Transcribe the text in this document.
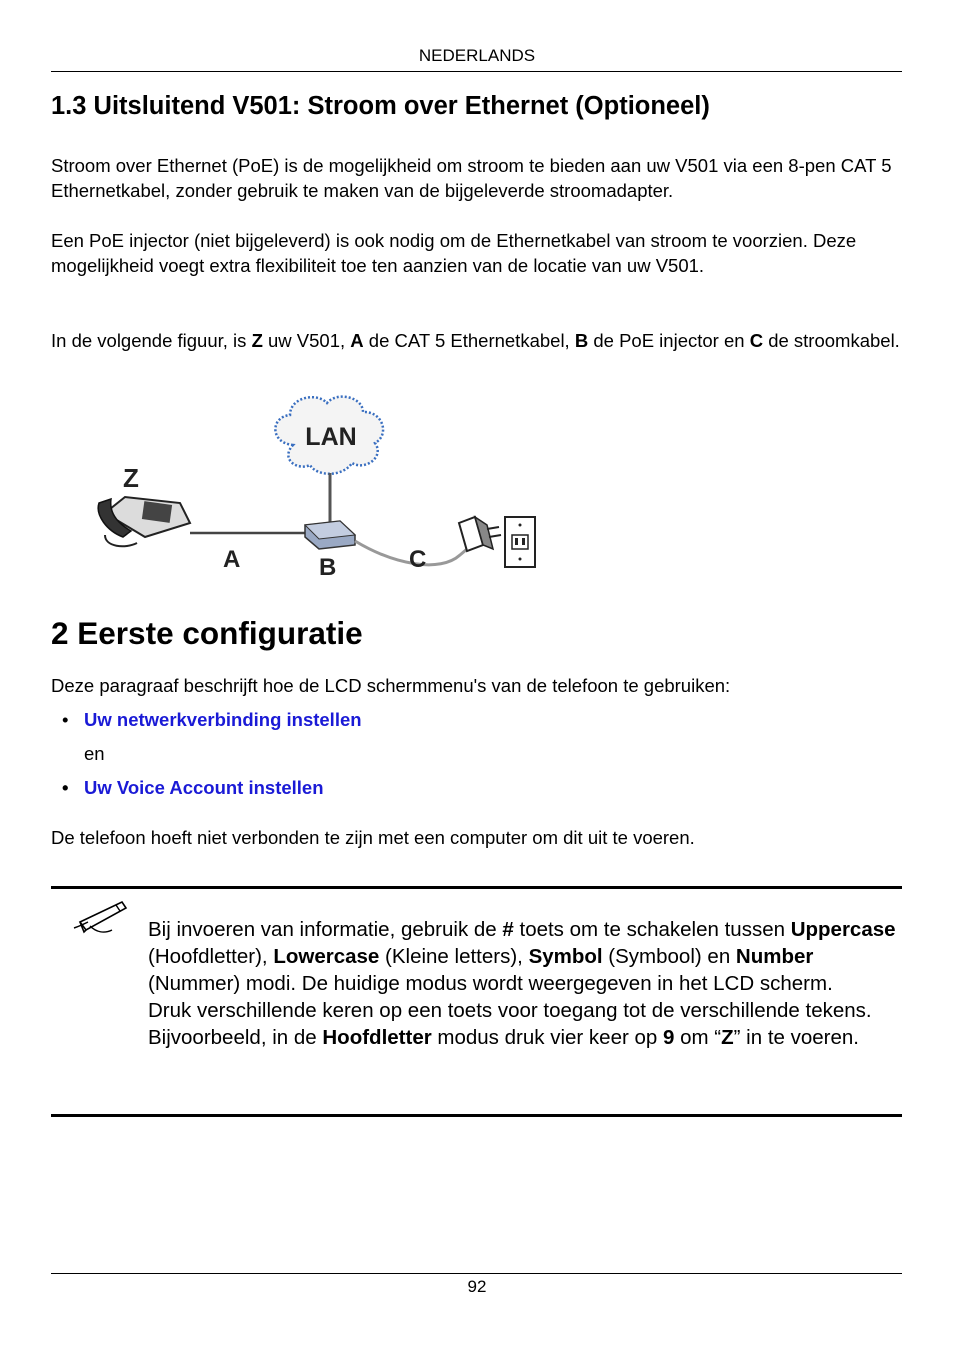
NEDERLANDS
1.3 Uitsluitend V501: Stroom over Ethernet (Optioneel)

Stroom over Ethernet (PoE) is de mogelijkheid om stroom te bieden aan uw V501 via een 8-pen CAT 5 Ethernetkabel, zonder gebruik te maken van de bijgeleverde stroomadapter.

Een PoE injector (niet bijgeleverd) is ook nodig om de Ethernetkabel van stroom te voorzien. Deze mogelijkheid voegt extra flexibiliteit toe ten aanzien van de locatie van uw V501.

In de volgende figuur, is Z uw V501, A de CAT 5 Ethernetkabel, B de PoE injector en C de stroomkabel.

LAN
Z
A	B	C
2 Eerste configuratie

Deze paragraaf beschrijft hoe de LCD schermmenu's van de telefoon te gebruiken:

• Uw netwerkverbinding instellen
en
• Uw Voice Account instellen

De telefoon hoeft niet verbonden te zijn met een computer om dit uit te voeren.

Bij invoeren van informatie, gebruik de # toets om te schakelen tussen Uppercase (Hoofdletter), Lowercase (Kleine letters), Symbol (Symbool) en Number (Nummer) modi. De huidige modus wordt weergegeven in het LCD scherm.
Druk verschillende keren op een toets voor toegang tot de verschillende tekens. Bijvoorbeeld, in de Hoofdletter modus druk vier keer op 9 om “Z” in te voeren.
92
